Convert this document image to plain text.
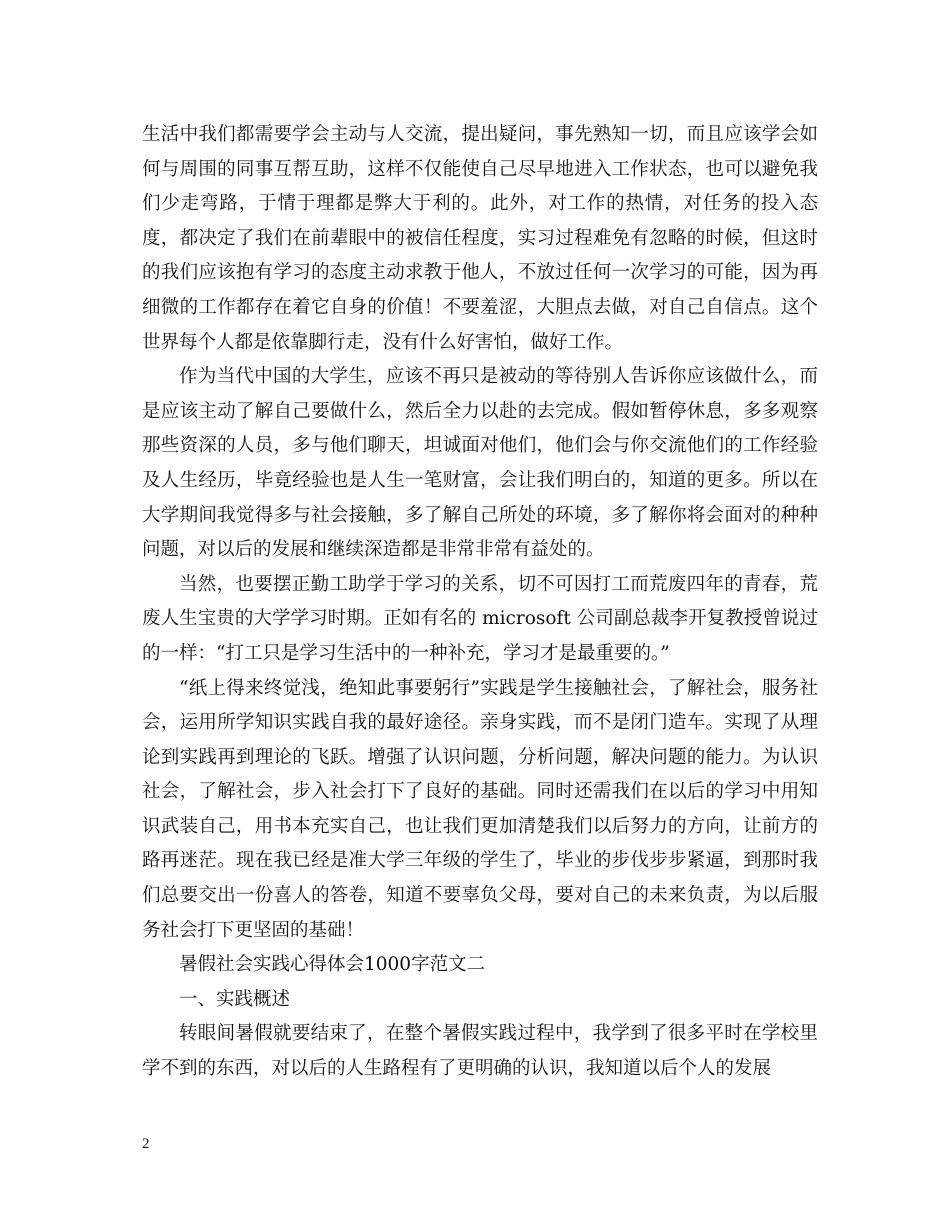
生活中我们都需要学会主动与人交流，提出疑问，事先熟知一切，而且应该学会如何与周围的同事互帮互助，这样不仅能使自己尽早地进入工作状态，也可以避免我们少走弯路，于情于理都是弊大于利的。此外，对工作的热情，对任务的投入态度，都决定了我们在前辈眼中的被信任程度，实习过程难免有忽略的时候，但这时的我们应该抱有学习的态度主动求教于他人，不放过任何一次学习的可能，因为再细微的工作都存在着它自身的价值！不要羞涩，大胆点去做，对自己自信点。这个世界每个人都是依靠脚行走，没有什么好害怕，做好工作。

作为当代中国的大学生，应该不再只是被动的等待别人告诉你应该做什么，而是应该主动了解自己要做什么，然后全力以赴的去完成。假如暂停休息，多多观察那些资深的人员，多与他们聊天，坦诚面对他们，他们会与你交流他们的工作经验及人生经历，毕竟经验也是人生一笔财富，会让我们明白的，知道的更多。所以在大学期间我觉得多与社会接触，多了解自己所处的环境，多了解你将会面对的种种问题，对以后的发展和继续深造都是非常非常有益处的。

当然，也要摆正勤工助学于学习的关系，切不可因打工而荒废四年的青春，荒废人生宝贵的大学学习时期。正如有名的 microsoft 公司副总裁李开复教授曾说过的一样：“打工只是学习生活中的一种补充，学习才是最重要的。”

“纸上得来终觉浅，绝知此事要躬行”实践是学生接触社会，了解社会，服务社会，运用所学知识实践自我的最好途径。亲身实践，而不是闭门造车。实现了从理论到实践再到理论的飞跃。增强了认识问题，分析问题，解决问题的能力。为认识社会，了解社会，步入社会打下了良好的基础。同时还需我们在以后的学习中用知识武装自己，用书本充实自己，也让我们更加清楚我们以后努力的方向，让前方的路再迷茫。现在我已经是准大学三年级的学生了，毕业的步伐步步紧逼，到那时我们总要交出一份喜人的答卷，知道不要辜负父母，要对自己的未来负责，为以后服务社会打下更坚固的基础！

暑假社会实践心得体会1000字范文二

一、实践概述

转眼间暑假就要结束了，在整个暑假实践过程中，我学到了很多平时在学校里学不到的东西，对以后的人生路程有了更明确的认识，我知道以后个人的发展

2
